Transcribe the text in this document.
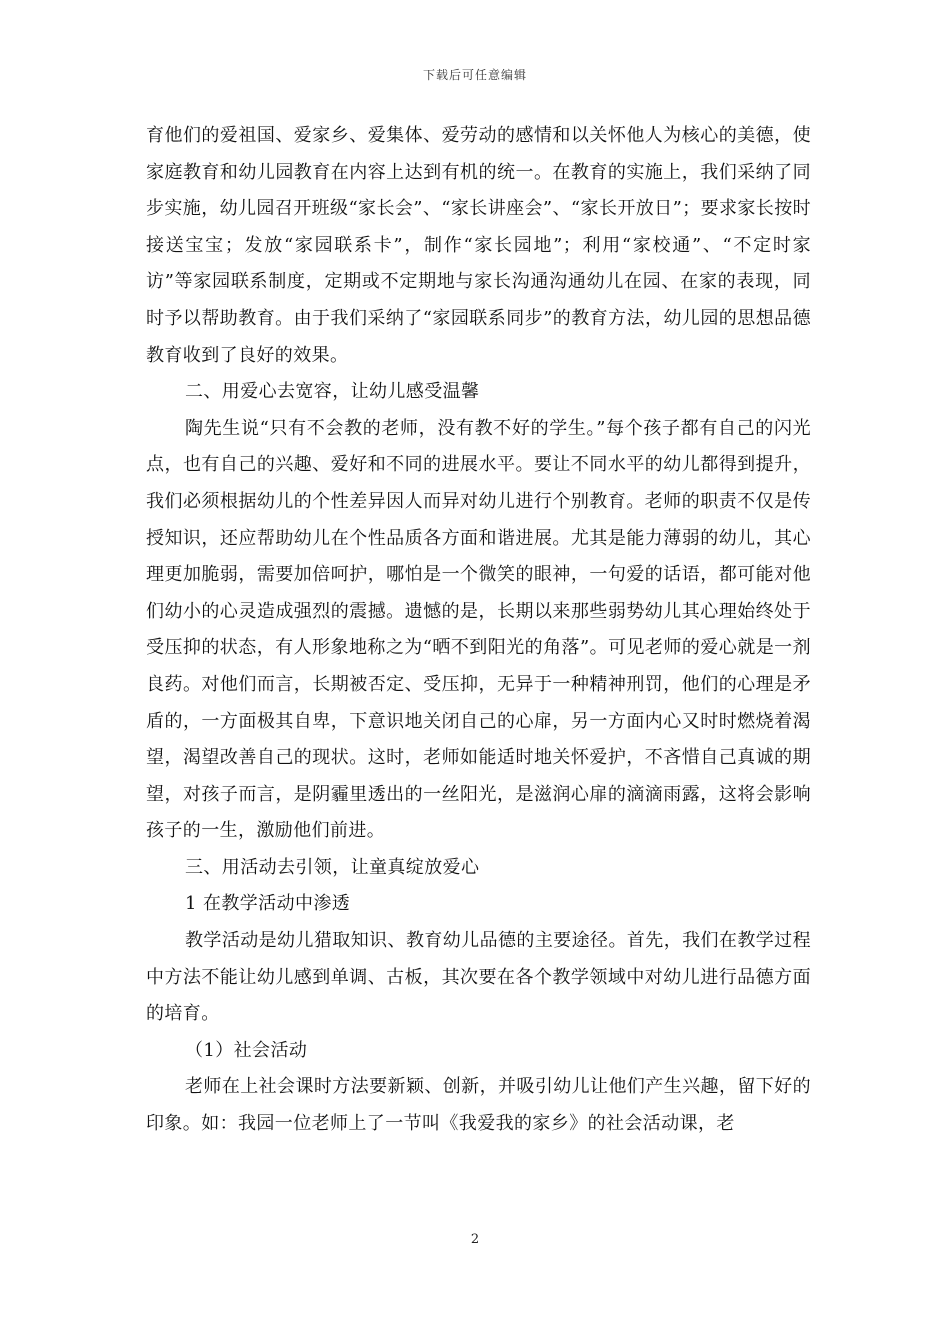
下载后可任意编辑

育他们的爱祖国、爱家乡、爱集体、爱劳动的感情和以关怀他人为核心的美德，使家庭教育和幼儿园教育在内容上达到有机的统一。在教育的实施上，我们采纳了同步实施，幼儿园召开班级“家长会”、“家长讲座会”、“家长开放日”；要求家长按时接送宝宝；发放“家园联系卡”，制作“家长园地”；利用“家校通”、“不定时家访”等家园联系制度，定期或不定期地与家长沟通沟通幼儿在园、在家的表现，同时予以帮助教育。由于我们采纳了“家园联系同步”的教育方法，幼儿园的思想品德教育收到了良好的效果。

二、用爱心去宽容，让幼儿感受温馨

陶先生说“只有不会教的老师，没有教不好的学生。”每个孩子都有自己的闪光点，也有自己的兴趣、爱好和不同的进展水平。要让不同水平的幼儿都得到提升，我们必须根据幼儿的个性差异因人而异对幼儿进行个别教育。老师的职责不仅是传授知识，还应帮助幼儿在个性品质各方面和谐进展。尤其是能力薄弱的幼儿，其心理更加脆弱，需要加倍呵护，哪怕是一个微笑的眼神，一句爱的话语，都可能对他们幼小的心灵造成强烈的震撼。遗憾的是，长期以来那些弱势幼儿其心理始终处于受压抑的状态，有人形象地称之为“晒不到阳光的角落”。可见老师的爱心就是一剂良药。对他们而言，长期被否定、受压抑，无异于一种精神刑罚，他们的心理是矛盾的，一方面极其自卑，下意识地关闭自己的心扉，另一方面内心又时时燃烧着渴望，渴望改善自己的现状。这时，老师如能适时地关怀爱护，不吝惜自己真诚的期望，对孩子而言，是阴霾里透出的一丝阳光，是滋润心扉的滴滴雨露，这将会影响孩子的一生，激励他们前进。

三、用活动去引领，让童真绽放爱心

1 在教学活动中渗透

教学活动是幼儿猎取知识、教育幼儿品德的主要途径。首先，我们在教学过程中方法不能让幼儿感到单调、古板，其次要在各个教学领域中对幼儿进行品德方面的培育。

（1）社会活动

老师在上社会课时方法要新颖、创新，并吸引幼儿让他们产生兴趣，留下好的印象。如：我园一位老师上了一节叫《我爱我的家乡》的社会活动课，老

2
